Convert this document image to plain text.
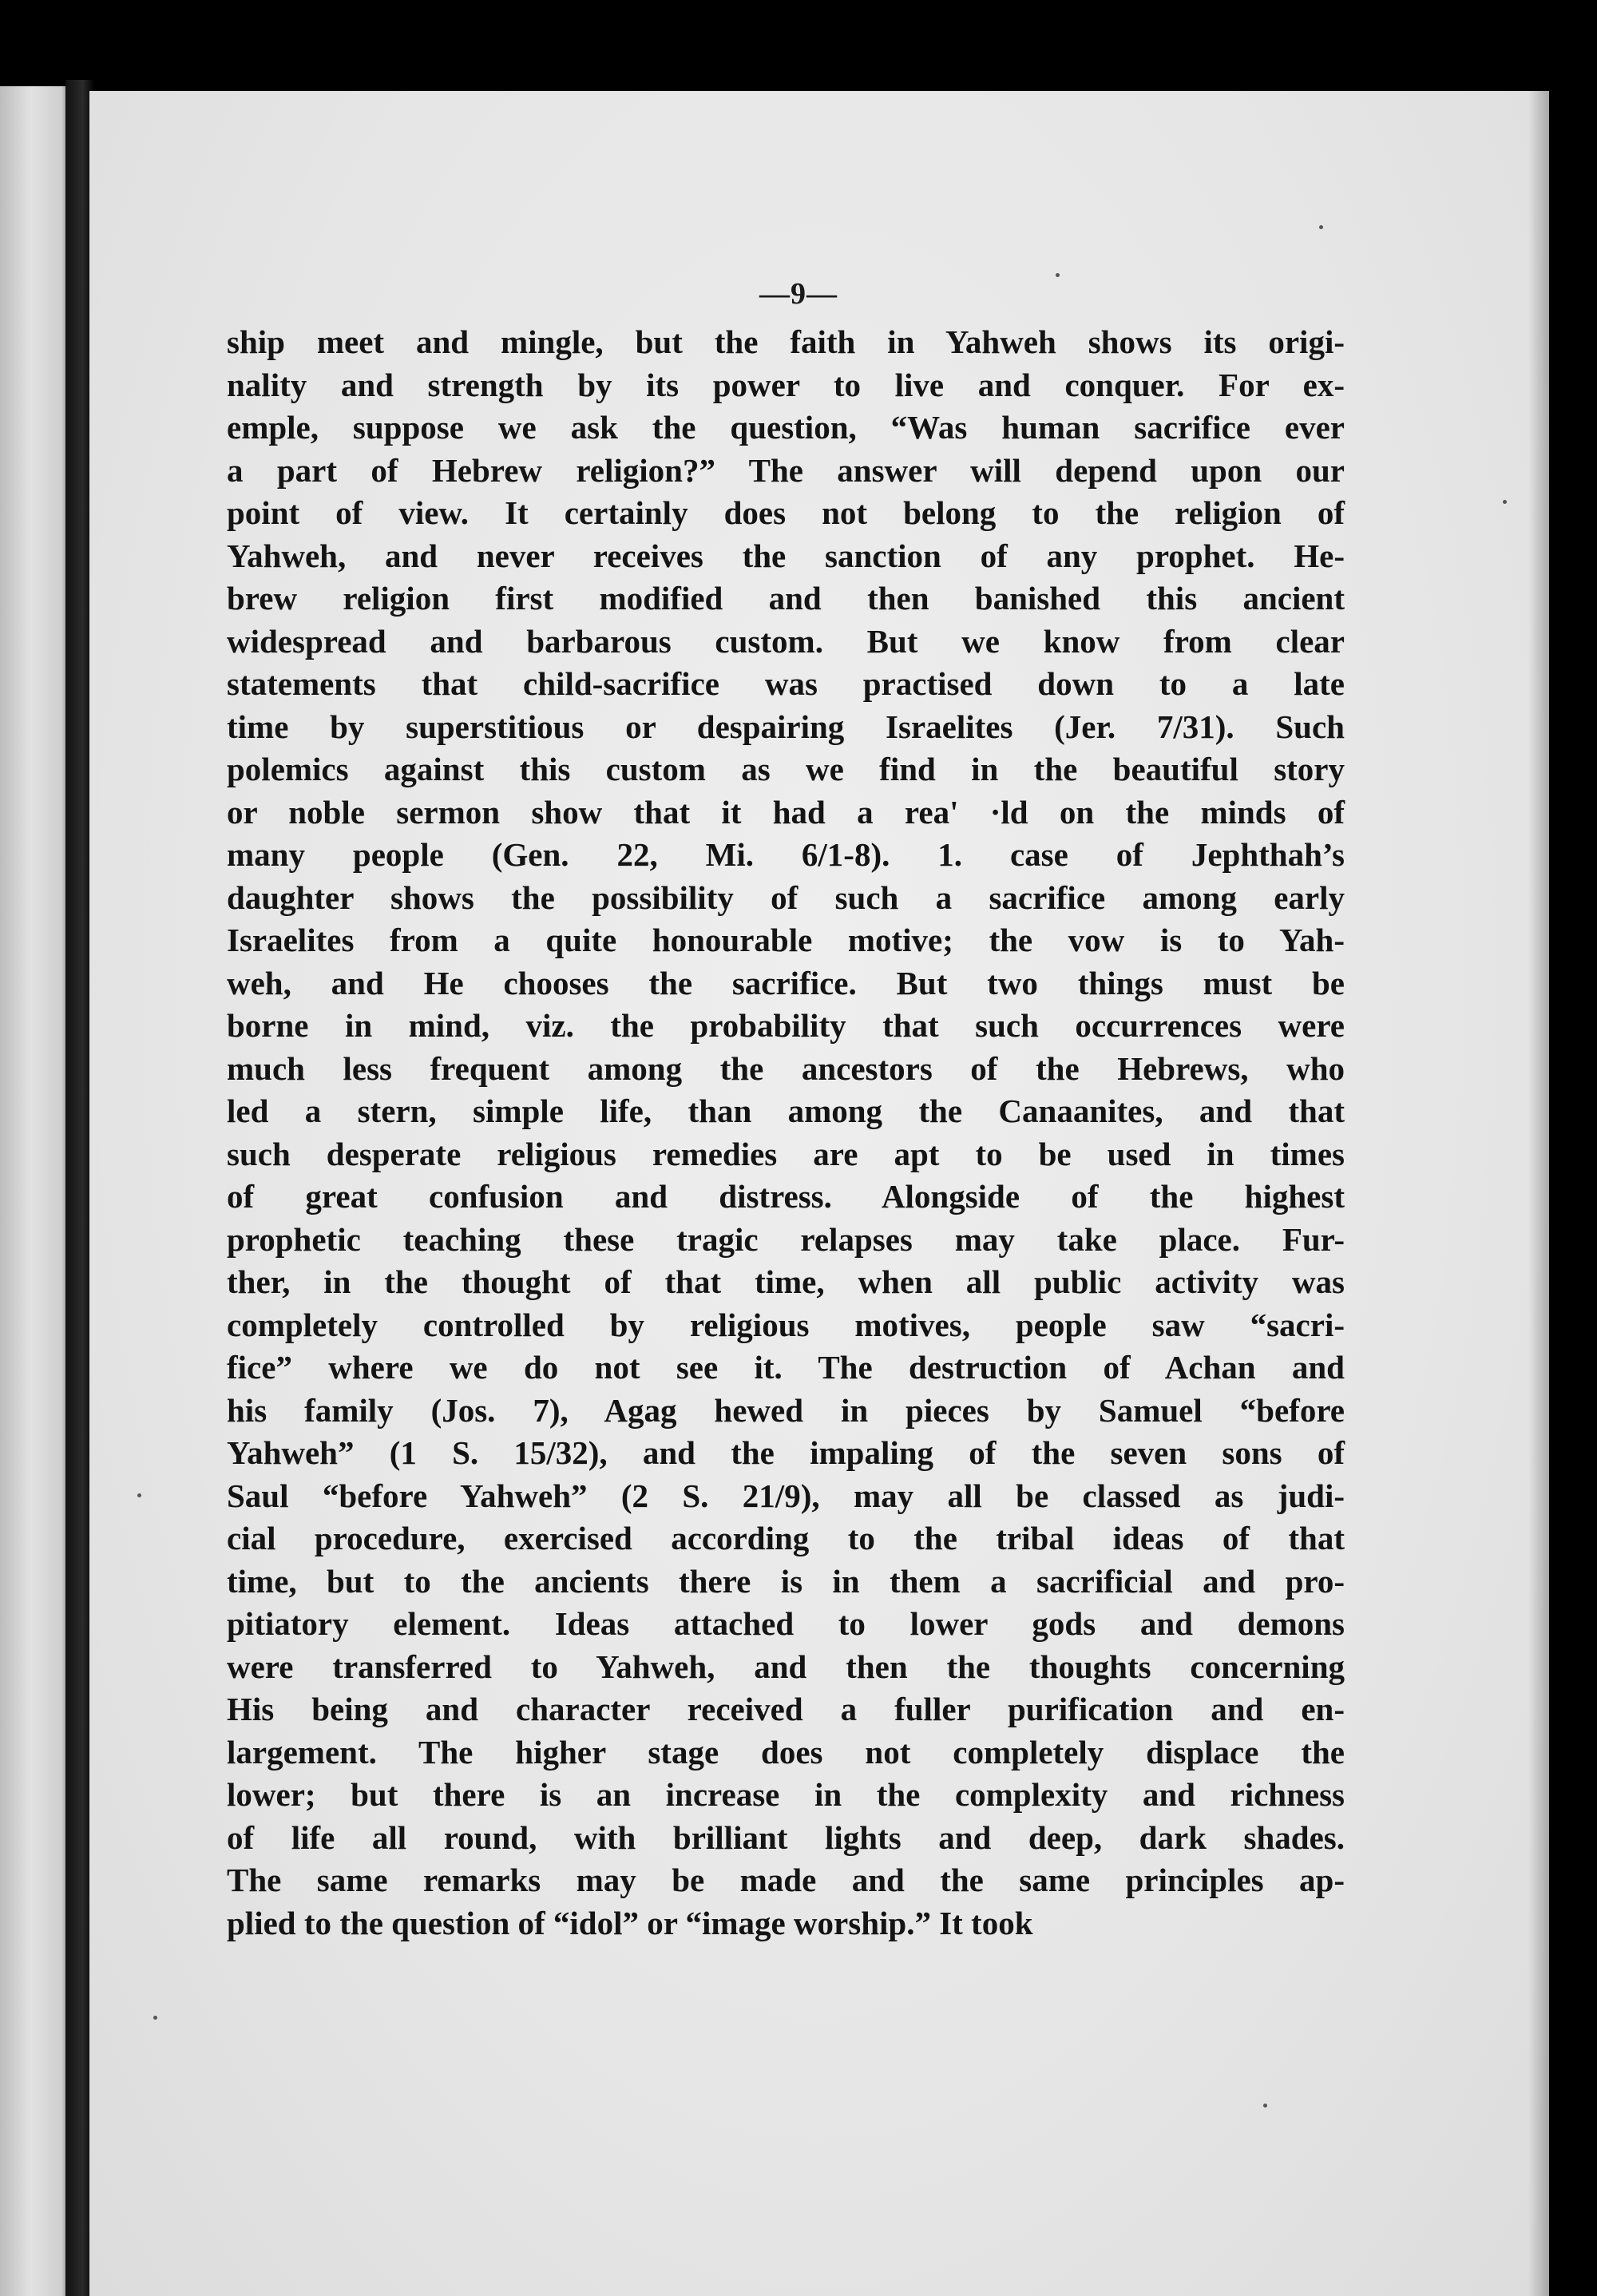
—9—
ship meet and mingle, but the faith in Yahweh shows its origi-
nality and strength by its power to live and conquer. For ex-
emple, suppose we ask the question, “Was human sacrifice ever
a part of Hebrew religion?” The answer will depend upon our
point of view. It certainly does not belong to the religion of
Yahweh, and never receives the sanction of any prophet. He-
brew religion first modified and then banished this ancient
widespread and barbarous custom. But we know from clear
statements that child-sacrifice was practised down to a late
time by superstitious or despairing Israelites (Jer. 7/31). Such
polemics against this custom as we find in the beautiful story
or noble sermon show that it had a rea' ·ld on the minds of
many people (Gen. 22, Mi. 6/1-8). 1. case of Jephthah’s
daughter shows the possibility of such a sacrifice among early
Israelites from a quite honourable motive; the vow is to Yah-
weh, and He chooses the sacrifice. But two things must be
borne in mind, viz. the probability that such occurrences were
much less frequent among the ancestors of the Hebrews, who
led a stern, simple life, than among the Canaanites, and that
such desperate religious remedies are apt to be used in times
of great confusion and distress. Alongside of the highest
prophetic teaching these tragic relapses may take place. Fur-
ther, in the thought of that time, when all public activity was
completely controlled by religious motives, people saw “sacri-
fice” where we do not see it. The destruction of Achan and
his family (Jos. 7), Agag hewed in pieces by Samuel “before
Yahweh” (1 S. 15/32), and the impaling of the seven sons of
Saul “before Yahweh” (2 S. 21/9), may all be classed as judi-
cial procedure, exercised according to the tribal ideas of that
time, but to the ancients there is in them a sacrificial and pro-
pitiatory element. Ideas attached to lower gods and demons
were transferred to Yahweh, and then the thoughts concerning
His being and character received a fuller purification and en-
largement. The higher stage does not completely displace the
lower; but there is an increase in the complexity and richness
of life all round, with brilliant lights and deep, dark shades.
The same remarks may be made and the same principles ap-
plied to the question of “idol” or “image worship.” It took
